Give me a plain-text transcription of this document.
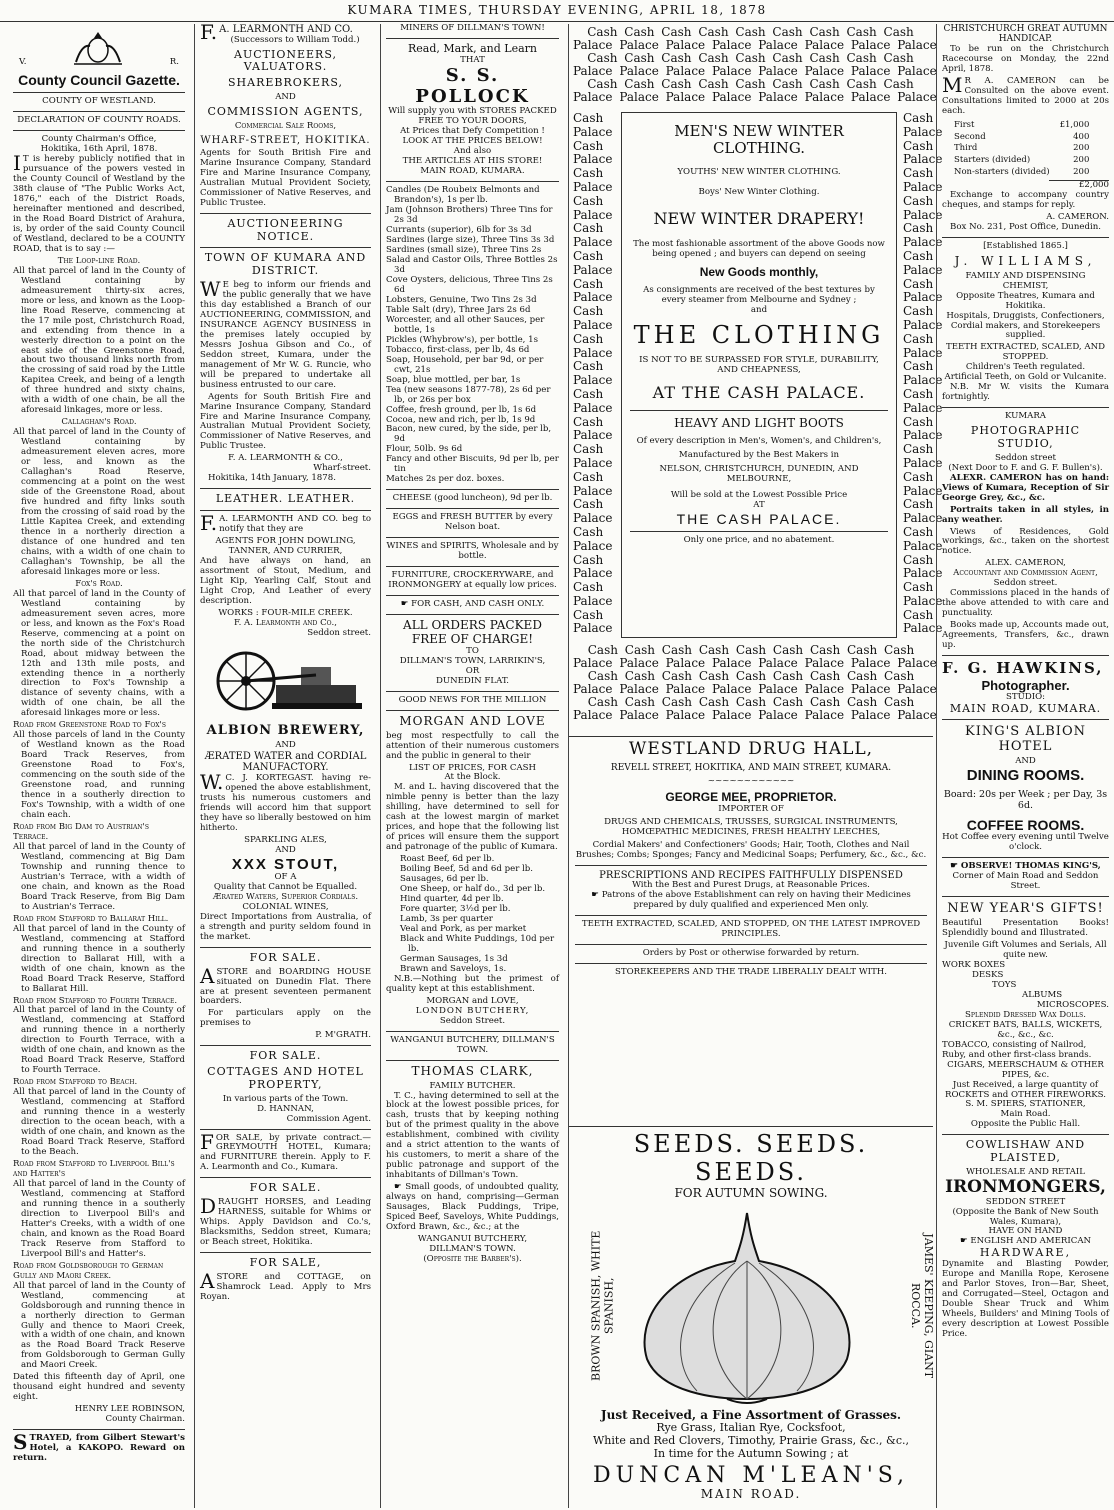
KUMARA TIMES, THURSDAY EVENING, APRIL 18, 1878
V.	R.
County Council Gazette.
COUNTY OF WESTLAND.
DECLARATION OF COUNTY ROADS.
County Chairman's Office,
Hokitika, 16th April, 1878.

IT is hereby publicly notified that in pursuance of the powers vested in the County Council of Westland by the 38th clause of "The Public Works Act, 1876," each of the District Roads, hereinafter mentioned and described, in the Road Board District of Arahura, is, by order of the said County Council of Westland, declared to be a COUNTY ROAD, that is to say :—

The Loop-line Road.

All that parcel of land in the County of Westland containing by admeasurement thirty-six acres, more or less, and known as the Loop-line Road Reserve, commencing at the 17 mile post, Christchurch Road, and extending from thence in a westerly direction to a point on the east side of the Greenstone Road, about two thousand links north from the crossing of said road by the Little Kapitea Creek, and being of a length of three hundred and sixty chains, with a width of one chain, be all the aforesaid linkages, more or less.

Callaghan's Road.

All that parcel of land in the County of Westland containing by admeasurement eleven acres, more or less, and known as the Callaghan's Road Reserve, commencing at a point on the west side of the Greenstone Road, about five hundred and fifty links south from the crossing of said road by the Little Kapitea Creek, and extending thence in a northerly direction a distance of one hundred and ten chains, with a width of one chain to Callaghan's Township, be all the aforesaid linkages more or less.

Fox's Road.

All that parcel of land in the County of Westland containing by admeasurement seven acres, more or less, and known as the Fox's Road Reserve, commencing at a point on the north side of the Christchurch Road, about midway between the 12th and 13th mile posts, and extending thence in a northerly direction to Fox's Township a distance of seventy chains, with a width of one chain, be all the aforesaid linkages more or less.

Road from Greenstone Road to Fox's

All those parcels of land in the County of Westland known as the Road Board Track Reserves, from Greenstone Road to Fox's, commencing on the south side of the Greenstone road, and running thence in a southerly direction to Fox's Township, with a width of one chain each.

Road from Big Dam to Austrian's Terrace.

All that parcel of land in the County of Westland, commencing at Big Dam Township and running thence to Austrian's Terrace, with a width of one chain, and known as the Road Board Track Reserve, from Big Dam to Austrian's Terrace.

Road from Stafford to Ballarat Hill.

All that parcel of land in the County of Westland, commencing at Stafford and running thence in a southerly direction to Ballarat Hill, with a width of one chain, known as the Road Board Track Reserve, Stafford to Ballarat Hill.

Road from Stafford to Fourth Terrace.

All that parcel of land in the County of Westland, commencing at Stafford and running thence in a northerly direction to Fourth Terrace, with a width of one chain, and known as the Road Board Track Reserve, Stafford to Fourth Terrace.

Road from Stafford to Beach.

All that parcel of land in the County of Westland, commencing at Stafford and running thence in a westerly direction to the ocean beach, with a width of one chain, and known as the Road Board Track Reserve, Stafford to the Beach.

Road from Stafford to Liverpool Bill's and Hatter's

All that parcel of land in the County of Westland, commencing at Stafford and running thence in a southerly direction to Liverpool Bill's and Hatter's Creeks, with a width of one chain, and known as the Road Board Track Reserve from Stafford to Liverpool Bill's and Hatter's.

Road from Goldsborough to German Gully and Maori Creek.

All that parcel of land in the County of Westland, commencing at Goldsborough and running thence in a northerly direction to German Gully and thence to Maori Creek, with a width of one chain, and known as the Road Board Track Reserve from Goldsborough to German Gully and Maori Creek.

Dated this fifteenth day of April, one thousand eight hundred and seventy eight.

HENRY LEE ROBINSON,
County Chairman.

STRAYED, from Gilbert Stewart's Hotel, a KAKOPO. Reward on return.

F.A. LEARMONTH AND CO.
(Successors to William Todd.)
AUCTIONEERS, VALUATORS.
SHAREBROKERS,
AND
COMMISSION AGENTS,
Commercial Sale Rooms,
WHARF-STREET, HOKITIKA.

Agents for South British Fire and Marine Insurance Company, Standard Fire and Marine Insurance Company, Australian Mutual Provident Society, Commissioner of Native Reserves, and Public Trustee.

AUCTIONEERING NOTICE.
TOWN OF KUMARA AND DISTRICT.

WE beg to inform our friends and the public generally that we have this day established a Branch of our AUCTIONEERING, COMMISSION, and INSURANCE AGENCY BUSINESS in the premises lately occupied by Messrs Joshua Gibson and Co., of Seddon street, Kumara, under the management of Mr W. G. Runcie, who will be prepared to undertake all business entrusted to our care.

Agents for South British Fire and Marine Insurance Company, Standard Fire and Marine Insurance Company, Australian Mutual Provident Society, Commissioner of Native Reserves, and Public Trustee.

F. A. LEARMONTH & CO.,
Wharf-street.
Hokitika, 14th January, 1878.
LEATHER. LEATHER.

F.A. LEARMONTH AND CO. beg to notify that they are

AGENTS FOR JOHN DOWLING, TANNER, AND CURRIER,

And have always on hand, an assortment of Stout, Medium, and Light Kip, Yearling Calf, Stout and Light Crop, And Leather of every description.

WORKS : FOUR-MILE CREEK.
F. A. Learmonth and Co.,
Seddon street.
ALBION BREWERY,
AND
ÆRATED WATER and CORDIAL MANUFACTORY.

W.C. J. KORTEGAST. having re-opened the above establishment, trusts his numerous customers and friends will accord him that support they have so liberally bestowed on him hitherto.

SPARKLING ALES,
AND
XXX STOUT,
OF A
Quality that Cannot be Equalled.
Ærated Waters, Superior Cordials.
COLONIAL WINES,

Direct Importations from Australia, of a strength and purity seldom found in the market.

FOR SALE.

ASTORE and BOARDING HOUSE situated on Dunedin Flat. There are at present seventeen permanent boarders.

For particulars apply on the premises to

P. M'GRATH.
FOR SALE.
COTTAGES AND HOTEL PROPERTY,
In various parts of the Town.
D. HANNAN,
Commission Agent.

FOR SALE, by private contract.— GREYMOUTH HOTEL, Kumara; and FURNITURE therein. Apply to F. A. Learmonth and Co., Kumara.

FOR SALE.

DRAUGHT HORSES, and Leading HARNESS, suitable for Whims or Whips. Apply Davidson and Co.'s, Blacksmiths, Seddon street, Kumara; or Beach street, Hokitika.

FOR SALE,

ASTORE and COTTAGE, on Shamrock Lead. Apply to Mrs Royan.

MINERS OF DILLMAN'S TOWN!
Read, Mark, and Learn
THAT
S. S. POLLOCK
Will supply you with STORES PACKED FREE TO YOUR DOORS,
At Prices that Defy Competition !
LOOK AT THE PRICES BELOW!
And also
THE ARTICLES AT HIS STORE!
MAIN ROAD, KUMARA.
Candles (De Roubeix Belmonts and Brandon's), 1s per lb.
Jam (Johnson Brothers) Three Tins for 2s 3d
Currants (superior), 6lb for 3s 3d
Sardines (large size), Three Tins 3s 3d
Sardines (small size), Three Tins 2s
Salad and Castor Oils, Three Bottles 2s 3d
Cove Oysters, delicious, Three Tins 2s 6d
Lobsters, Genuine, Two Tins 2s 3d
Table Salt (dry), Three Jars 2s 6d
Worcester, and all other Sauces, per bottle, 1s
Pickles (Whybrow's), per bottle, 1s
Tobacco, first-class, per lb, 4s 6d
Soap, Household, per bar 9d, or per cwt, 21s
Soap, blue mottled, per bar, 1s
Tea (new seasons 1877-78), 2s 6d per lb, or 26s per box
Coffee, fresh ground, per lb, 1s 6d
Cocoa, new and rich, per lb, 1s 9d
Bacon, new cured, by the side, per lb, 9d
Flour, 50lb. 9s 6d
Fancy and other Biscuits, 9d per lb, per tin
Matches 2s per doz. boxes.
CHEESE (good luncheon), 9d per lb.
EGGS and FRESH BUTTER by every Nelson boat.
WINES and SPIRITS, Wholesale and by bottle.
FURNITURE, CROCKERYWARE, and IRONMONGERY at equally low prices.
☛ FOR CASH, AND CASH ONLY.
ALL ORDERS PACKED FREE OF CHARGE!
TO
DILLMAN'S TOWN, LARRIKIN'S,
OR
DUNEDIN FLAT.
GOOD NEWS FOR THE MILLION
MORGAN AND LOVE

beg most respectfully to call the attention of their numerous customers and the public in general to their

LIST OF PRICES, FOR CASH
At the Block.

M. and L. having discovered that the nimble penny is better than the lazy shilling, have determined to sell for cash at the lowest margin of market prices, and hope that the following list of prices will ensure them the support and patronage of the public of Kumara.

Roast Beef, 6d per lb.
Boiling Beef, 5d and 6d per lb.
Sausages, 6d per lb.
One Sheep, or half do., 3d per lb.
Hind quarter, 4d per lb.
Fore quarter, 3½d per lb.
Lamb, 3s per quarter
Veal and Pork, as per market
Black and White Puddings, 10d per lb.
German Sausages, 1s 3d
Brawn and Saveloys, 1s.

N.B.—Nothing but the primest of quality kept at this establishment.

MORGAN and LOVE,
LONDON BUTCHERY,
Seddon Street.
WANGANUI BUTCHERY, DILLMAN'S TOWN.
THOMAS CLARK,
FAMILY BUTCHER.

T. C., having determined to sell at the block at the lowest possible prices, for cash, trusts that by keeping nothing but of the primest quality in the above establishment, combined with civility and a strict attention to the wants of his customers, to merit a share of the public patronage and support of the inhabitants of Dillman's Town.

☛ Small goods, of undoubted quality, always on hand, comprising—German Sausages, Black Puddings, Tripe, Spiced Beef, Saveloys, White Puddings, Oxford Brawn, &c., &c.; at the

WANGANUI BUTCHERY,
DILLMAN'S TOWN.
(Opposite the Barber's).
Cash Cash Cash Cash Cash Cash Cash Cash Cash
Palace Palace Palace Palace Palace Palace Palace Palace
Cash Cash Cash Cash Cash Cash Cash Cash Cash
Palace Palace Palace Palace Palace Palace Palace Palace
Cash Cash Cash Cash Cash Cash Cash Cash Cash
Palace Palace Palace Palace Palace Palace Palace Palace
Cash
Palace
Cash
Palace
Cash
Palace
Cash
Palace
Cash
Palace
Cash
Palace
Cash
Palace
Cash
Palace
Cash
Palace
Cash
Palace
Cash
Palace
Cash
Palace
Cash
Palace
Cash
Palace
Cash
Palace
Cash
Palace
Cash
Palace
Cash
Palace
Cash
Palace
Cash
Palace
Cash
Palace
Cash
Palace
Cash
Palace
Cash
Palace
Cash
Palace
Cash
Palace
Cash
Palace
Cash
Palace
Cash
Palace
Cash
Palace
Cash
Palace
Cash
Palace
Cash
Palace
Cash
Palace
Cash
Palace
Cash
Palace
Cash
Palace
Cash
Palace
MEN'S NEW WINTER CLOTHING.
YOUTHS' NEW WINTER CLOTHING.
Boys' New Winter Clothing.
NEW WINTER DRAPERY!
The most fashionable assortment of the above Goods now being opened ; and buyers can depend on seeing
New Goods monthly,
As consignments are received of the best textures by every steamer from Melbourne and Sydney ;
and
THE CLOTHING
IS NOT TO BE SURPASSED FOR STYLE, DURABILITY, AND CHEAPNESS,
AT THE CASH PALACE.
HEAVY AND LIGHT BOOTS
Of every description in Men's, Women's, and Children's,
Manufactured by the Best Makers in
NELSON, CHRISTCHURCH, DUNEDIN, AND MELBOURNE,
Will be sold at the Lowest Possible Price
AT
THE CASH PALACE.
Only one price, and no abatement.
Cash Cash Cash Cash Cash Cash Cash Cash Cash
Palace Palace Palace Palace Palace Palace Palace Palace
Cash Cash Cash Cash Cash Cash Cash Cash Cash
Palace Palace Palace Palace Palace Palace Palace Palace
Cash Cash Cash Cash Cash Cash Cash Cash Cash
Palace Palace Palace Palace Palace Palace Palace Palace
WESTLAND DRUG HALL,
REVELL STREET, HOKITIKA, AND MAIN STREET, KUMARA.
~~~~~~~~~~~~
GEORGE MEE, PROPRIETOR.
IMPORTER OF
DRUGS AND CHEMICALS, TRUSSES, SURGICAL INSTRUMENTS, HOMŒPATHIC MEDICINES, FRESH HEALTHY LEECHES,
Cordial Makers' and Confectioners' Goods; Hair, Tooth, Clothes and Nail Brushes; Combs; Sponges; Fancy and Medicinal Soaps; Perfumery, &c., &c., &c.
PRESCRIPTIONS AND RECIPES FAITHFULLY DISPENSED
With the Best and Purest Drugs, at Reasonable Prices.

☛ Patrons of the above Establishment can rely on having their Medicines prepared by duly qualified and experienced Men only.

TEETH EXTRACTED, SCALED, AND STOPPED, ON THE LATEST IMPROVED PRINCIPLES.
Orders by Post or otherwise forwarded by return.
STOREKEEPERS AND THE TRADE LIBERALLY DEALT WITH.
SEEDS. SEEDS. SEEDS.
FOR AUTUMN SOWING.
BROWN SPANISH, WHITE SPANISH,	JAMES' KEEPING, GIANT ROCCA.
Just Received, a Fine Assortment of Grasses.
Rye Grass, Italian Rye, Cocksfoot,
White and Red Clovers, Timothy, Prairie Grass, &c., &c.,
In time for the Autumn Sowing ; at
DUNCAN M'LEAN'S,
MAIN ROAD.
CHRISTCHURCH GREAT AUTUMN HANDICAP.

To be run on the Christchurch Racecourse on Monday, the 22nd April, 1878.

MR A. CAMERON can be Consulted on the above event. Consultations limited to 2000 at 20s each.

First	£1,000
Second	400
Third	200
Starters (divided)	200
Non-starters (divided)	200
£2,000

Exchange to accompany country cheques, and stamps for reply.

A. CAMERON.
Box No. 231, Post Office, Dunedin.
[Established 1865.]
J. WILLIAMS,
FAMILY AND DISPENSING CHEMIST,
Opposite Theatres, Kumara and Hokitika.

Hospitals, Druggists, Confectioners, Cordial makers, and Storekeepers supplied.

TEETH EXTRACTED, SCALED, AND STOPPED.
Children's Teeth regulated.
Artificial Teeth, on Gold or Vulcanite.

N.B. Mr W. visits the Kumara fortnightly.

KUMARA
PHOTOGRAPHIC STUDIO,
Seddon street
(Next Door to F. and G. F. Bullen's).

ALEXR. CAMERON has on hand: Views of Kumara, Reception of Sir George Grey, &c., &c.

Portraits taken in all styles, in any weather.

Views of Residences, Gold workings, &c., taken on the shortest notice.

ALEX. CAMERON,
Accountant and Commission Agent,
Seddon street.

Commissions placed in the hands of the above attended to with care and punctuality.

Books made up, Accounts made out, Agreements, Transfers, &c., drawn up.

F. G. HAWKINS,
Photographer.
STUDIO:
MAIN ROAD, KUMARA.
KING'S ALBION HOTEL
AND
DINING ROOMS.
Board: 20s per Week ; per Day, 3s 6d.
COFFEE ROOMS.
Hot Coffee every evening until Twelve o'clock.
☛ OBSERVE! THOMAS KING'S,
Corner of Main Road and Seddon Street.
NEW YEAR'S GIFTS!

Beautiful Presentation Books! Splendidly bound and Illustrated.

Juvenile Gift Volumes and Serials, All quite new.
WORK BOXES
DESKS
TOYS
ALBUMS
MICROSCOPES.
Splendid Dressed Wax Dolls.
CRICKET BATS, BALLS, WICKETS, &c., &c., &c.
TOBACCO, consisting of Nailrod, Ruby, and other first-class brands.
CIGARS, MEERSCHAUM & OTHER PIPES, &c.
Just Received, a large quantity of
ROCKETS and OTHER FIREWORKS.
S. M. SPIERS, STATIONER,
Main Road.
Opposite the Public Hall.
COWLISHAW AND PLAISTED,
WHOLESALE AND RETAIL
IRONMONGERS,
SEDDON STREET
(Opposite the Bank of New South Wales, Kumara),
HAVE ON HAND
☛ ENGLISH AND AMERICAN
HARDWARE,

Dynamite and Blasting Powder, Europe and Manilla Rope, Kerosene and Parlor Stoves, Iron—Bar, Sheet, and Corrugated—Steel, Octagon and Double Shear Truck and Whim Wheels, Builders' and Mining Tools of every description at Lowest Possible Price.
